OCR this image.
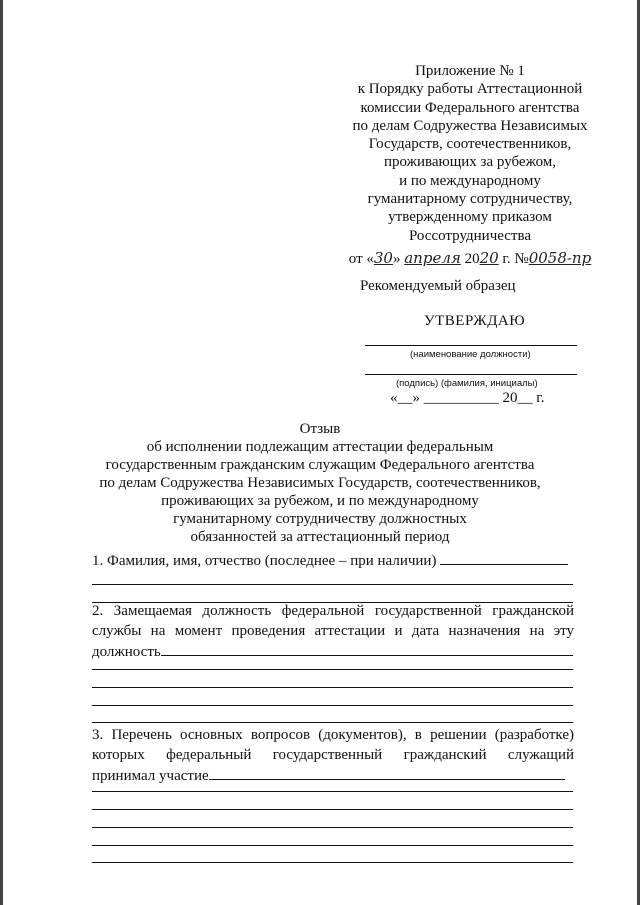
Приложение № 1
к Порядку работы Аттестационной
комиссии Федерального агентства
по делам Содружества Независимых
Государств, соотечественников,
проживающих за рубежом,
и по международному
гуманитарному сотрудничеству,
утвержденному приказом
Россотрудничества
от «30» апреля 2020 г. №0058-пр
Рекомендуемый образец
УТВЕРЖДАЮ
(наименование должности)
(подпись) (фамилия, инициалы)
«__» __________ 20__ г.
Отзыв
об исполнении подлежащим аттестации федеральным
государственным гражданским служащим Федерального агентства
по делам Содружества Независимых Государств, соотечественников,
проживающих за рубежом, и по международному
гуманитарному сотрудничеству должностных
обязанностей за аттестационный период
1. Фамилия, имя, отчество (последнее – при наличии)
2. Замещаемая должность федеральной государственной гражданской
службы на момент проведения аттестации и дата назначения на эту
должность
3. Перечень основных вопросов (документов), в решении (разработке)
которых федеральный государственный гражданский служащий
принимал участие
